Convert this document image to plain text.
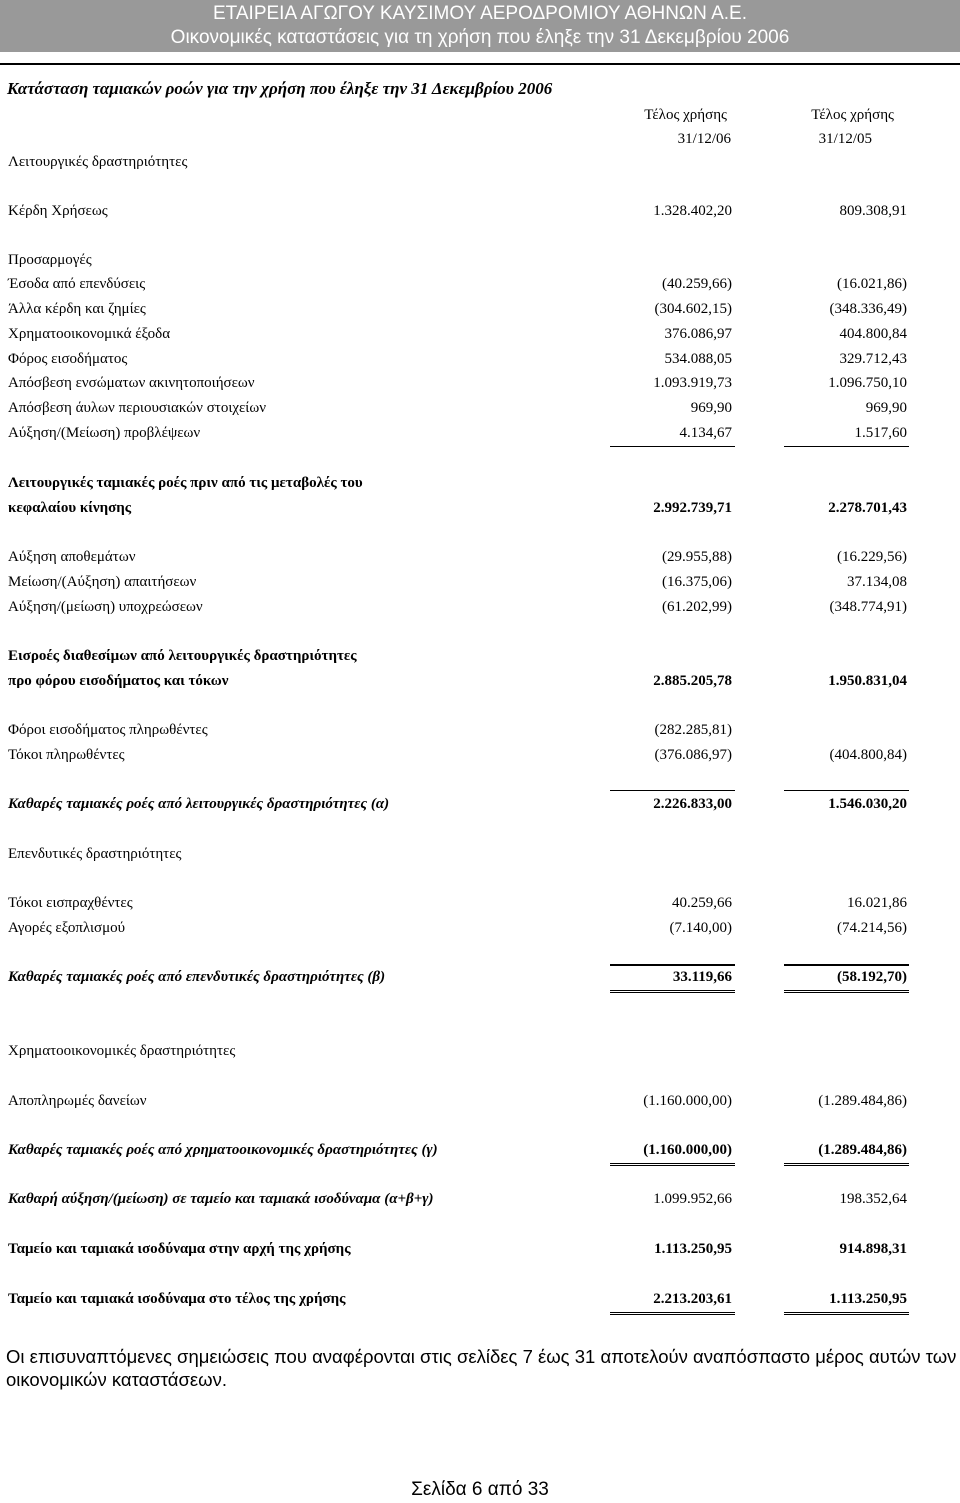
ΕΤΑΙΡΕΙΑ ΑΓΩΓΟΥ ΚΑΥΣΙΜΟΥ ΑΕΡΟΔΡΟΜΙΟΥ ΑΘΗΝΩΝ Α.Ε.
Οικονομικές καταστάσεις για τη χρήση που έληξε την 31 Δεκεμβρίου 2006
Κατάσταση ταμιακών ροών για την χρήση που έληξε την 31 Δεκεμβρίου 2006
Τέλος χρήσης
31/12/06
Τέλος χρήσης
31/12/05
Λειτουργικές δραστηριότητες
Κέρδη Χρήσεως	1.328.402,20	809.308,91
Προσαρμογές
Έσοδα από επενδύσεις	(40.259,66)	(16.021,86)
Άλλα κέρδη και ζημίες	(304.602,15)	(348.336,49)
Χρηματοοικονομικά έξοδα	376.086,97	404.800,84
Φόρος εισοδήματος	534.088,05	329.712,43
Απόσβεση ενσώματων ακινητοποιήσεων	1.093.919,73	1.096.750,10
Απόσβεση άυλων περιουσιακών στοιχείων	969,90	969,90
Αύξηση/(Μείωση) προβλέψεων	4.134,67	1.517,60
Λειτουργικές ταμιακές ροές πριν από τις μεταβολές του
κεφαλαίου κίνησης	2.992.739,71	2.278.701,43
Αύξηση αποθεμάτων	(29.955,88)	(16.229,56)
Μείωση/(Αύξηση) απαιτήσεων	(16.375,06)	37.134,08
Αύξηση/(μείωση) υποχρεώσεων	(61.202,99)	(348.774,91)
Εισροές διαθεσίμων από λειτουργικές δραστηριότητες
προ φόρου εισοδήματος και τόκων	2.885.205,78	1.950.831,04
Φόροι εισοδήματος πληρωθέντες	(282.285,81)
Τόκοι πληρωθέντες	(376.086,97)	(404.800,84)
Καθαρές ταμιακές ροές από λειτουργικές δραστηριότητες (α)	2.226.833,00	1.546.030,20
Επενδυτικές δραστηριότητες
Τόκοι εισπραχθέντες	40.259,66	16.021,86
Αγορές εξοπλισμού	(7.140,00)	(74.214,56)
Καθαρές ταμιακές ροές από επενδυτικές δραστηριότητες (β)	33.119,66	(58.192,70)
Χρηματοοικονομικές δραστηριότητες
Αποπληρωμές δανείων	(1.160.000,00)	(1.289.484,86)
Καθαρές ταμιακές ροές από χρηματοοικονομικές δραστηριότητες (γ)	(1.160.000,00)	(1.289.484,86)
Καθαρή αύξηση/(μείωση) σε ταμείο και ταμιακά ισοδύναμα (α+β+γ)	1.099.952,66	198.352,64
Ταμείο και ταμιακά ισοδύναμα στην αρχή της χρήσης	1.113.250,95	914.898,31
Ταμείο και ταμιακά ισοδύναμα στο τέλος της χρήσης	2.213.203,61	1.113.250,95
Οι επισυναπτόμενες σημειώσεις που αναφέρονται στις σελίδες 7 έως 31 αποτελούν αναπόσπαστο μέρος αυτών των οικονομικών καταστάσεων.
Σελίδα 6 από 33
